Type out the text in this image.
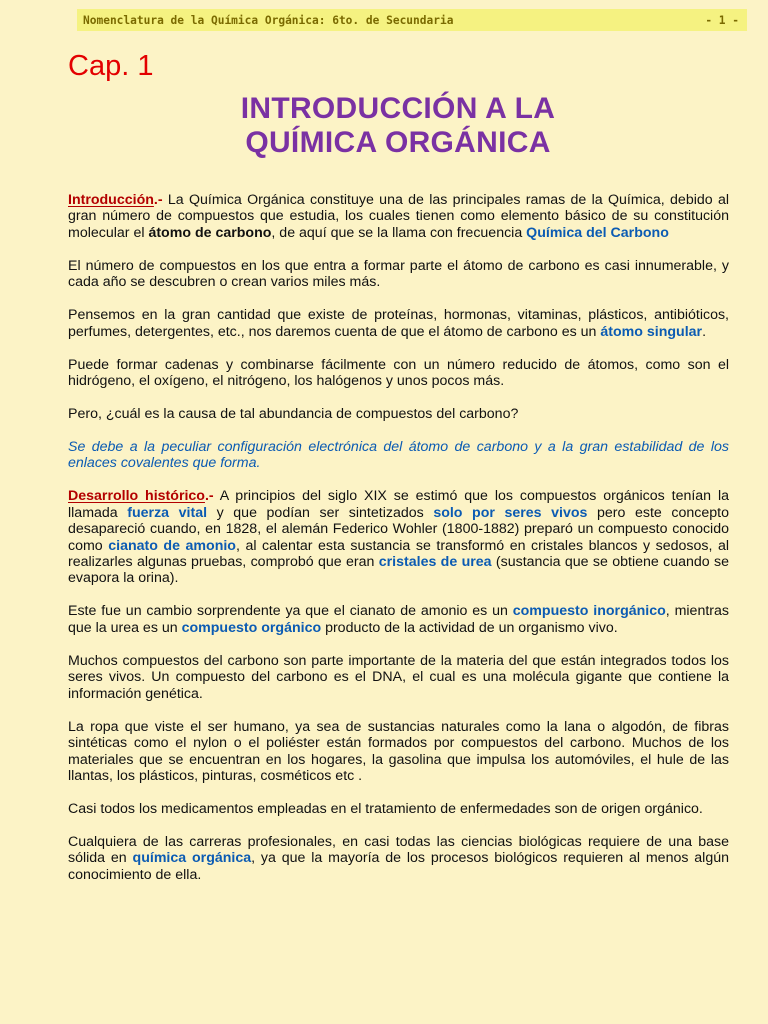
Nomenclatura de la Química Orgánica: 6to. de Secundaria	- 1 -
Cap. 1
INTRODUCCIÓN A LA
QUÍMICA ORGÁNICA

Introducción.- La Química Orgánica constituye una de las principales ramas de la Química, debido al gran número de compuestos que estudia, los cuales tienen como elemento básico de su constitución molecular el átomo de carbono, de aquí que se la llama con frecuencia Química del Carbono

El número de compuestos en los que entra a formar parte el átomo de carbono es casi innumerable, y cada año se descubren o crean varios miles más.

Pensemos en la gran cantidad que existe de proteínas, hormonas, vitaminas, plásticos, antibióticos, perfumes, detergentes, etc., nos daremos cuenta de que el átomo de carbono es un átomo singular.

Puede formar cadenas y combinarse fácilmente con un número reducido de átomos, como son el hidrógeno, el oxígeno, el nitrógeno, los halógenos y unos pocos más.

Pero, ¿cuál es la causa de tal abundancia de compuestos del carbono?

Se debe a la peculiar configuración electrónica del átomo de carbono y a la gran estabilidad de los enlaces covalentes que forma.

Desarrollo histórico.- A principios del siglo XIX se estimó que los compuestos orgánicos tenían la llamada fuerza vital y que podían ser sintetizados solo por seres vivos pero este concepto desapareció cuando, en 1828, el alemán Federico Wohler (1800-1882) preparó un compuesto conocido como cianato de amonio, al calentar esta sustancia se transformó en cristales blancos y sedosos, al realizarles algunas pruebas, comprobó que eran cristales de urea (sustancia que se obtiene cuando se evapora la orina).

Este fue un cambio sorprendente ya que el cianato de amonio es un compuesto inorgánico, mientras que la urea es un compuesto orgánico producto de la actividad de un organismo vivo.

Muchos compuestos del carbono son parte importante de la materia del que están integrados todos los seres vivos. Un compuesto del carbono es el DNA, el cual es una molécula gigante que contiene la información genética.

La ropa que viste el ser humano, ya sea de sustancias naturales como la lana o algodón, de fibras sintéticas como el nylon o el poliéster están formados por compuestos del carbono. Muchos de los materiales que se encuentran en los hogares, la gasolina que impulsa los automóviles, el hule de las llantas, los plásticos, pinturas, cosméticos etc .

Casi todos los medicamentos empleadas en el tratamiento de enfermedades son de origen orgánico.

Cualquiera de las carreras profesionales, en casi todas las ciencias biológicas requiere de una base sólida en química orgánica, ya que la mayoría de los procesos biológicos requieren al menos algún conocimiento de ella.
